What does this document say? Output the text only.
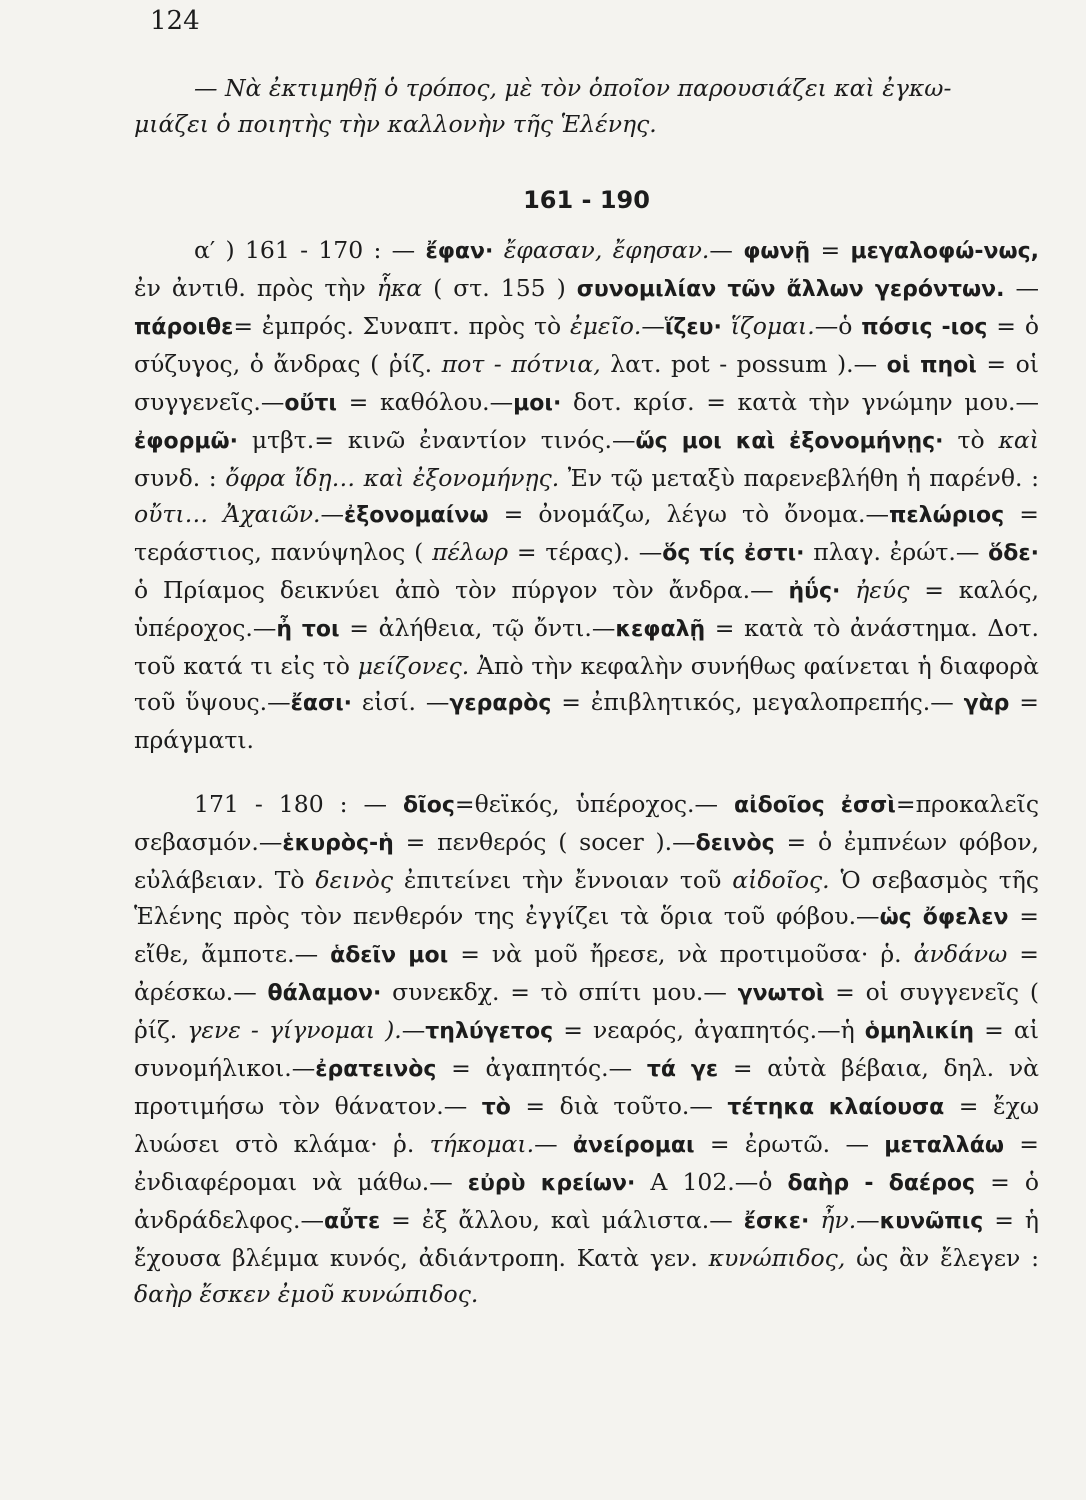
124
— Νὰ ἐκτιμηθῇ ὁ τρόπος, μὲ τὸν ὁποῖον παρουσιάζει καὶ ἐγκω-
μιάζει ὁ ποιητὴς τὴν καλλονὴν τῆς Ἑλένης.
161 - 190

α′ ) 161 - 170 : — ἔφαν· ἔφασαν, ἔφησαν.— φωνῇ = μεγαλοφώ-νως, ἐν ἀντιθ. πρὸς τὴν ἧκα ( στ. 155 ) συνομιλίαν τῶν ἄλλων γερόντων. —πάροιθε= ἐμπρός. Συναπτ. πρὸς τὸ ἐμεῖο.—ἵζευ· ἵζομαι.—ὁ πόσις -ιος = ὁ σύζυγος, ὁ ἄνδρας ( ῥίζ. ποτ - πότνια, λατ. pot - possum ).— οἱ πηοὶ = οἱ συγγενεῖς.—οὔτι = καθόλου.—μοι· δοτ. κρίσ. = κατὰ τὴν γνώμην μου.—ἐφορμῶ· μτβτ.= κινῶ ἐναντίον τινός.—ὥς μοι καὶ ἐξονομήνῃς· τὸ καὶ συνδ. : ὄφρα ἴδῃ… καὶ ἐξονομήνῃς. Ἐν τῷ μεταξὺ παρενεβλήθη ἡ παρένθ. : οὔτι… Ἀχαιῶν.—ἐξονομαίνω = ὀνομάζω, λέγω τὸ ὄνομα.—πελώριος = τεράστιος, πανύψηλος ( πέλωρ = τέρας). —ὅς τίς ἐστι· πλαγ. ἐρώτ.— ὅδε· ὁ Πρίαμος δεικνύει ἀπὸ τὸν πύργον τὸν ἄνδρα.— ἠΰς· ἠεύς = καλός, ὑπέροχος.—ἦ τοι = ἀλήθεια, τῷ ὄντι.—κεφαλῇ = κατὰ τὸ ἀνάστημα. Δοτ. τοῦ κατά τι εἰς τὸ μείζονες. Ἀπὸ τὴν κεφαλὴν συνήθως φαίνεται ἡ διαφορὰ τοῦ ὕψους.—ἔασι· εἰσί. —γεραρὸς = ἐπιβλητικός, μεγαλοπρεπής.— γὰρ = πράγματι.

171 - 180 : — δῖος=θεϊκός, ὑπέροχος.— αἰδοῖος ἐσσὶ=προκαλεῖς σεβασμόν.—ἑκυρὸς-ἡ = πενθερός ( socer ).—δεινὸς = ὁ ἐμπνέων φόβον, εὐλάβειαν. Τὸ δεινὸς ἐπιτείνει τὴν ἔννοιαν τοῦ αἰδοῖος. Ὁ σεβασμὸς τῆς Ἑλένης πρὸς τὸν πενθερόν της ἐγγίζει τὰ ὅρια τοῦ φόβου.—ὡς ὄφελεν = εἴθε, ἄμποτε.— ἁδεῖν μοι = νὰ μοῦ ἤρεσε, νὰ προτιμοῦσα· ῥ. ἀνδάνω = ἀρέσκω.— θάλαμον· συνεκδχ. = τὸ σπίτι μου.— γνωτοὶ = οἱ συγγενεῖς ( ῥίζ. γενε - γίγνομαι ).—τηλύγετος = νεαρός, ἀγαπητός.—ἡ ὁμηλικίη = αἱ συνομήλικοι.—ἐρατεινὸς = ἀγαπητός.— τά γε = αὐτὰ βέβαια, δηλ. νὰ προτιμήσω τὸν θάνατον.— τὸ = διὰ τοῦτο.— τέτηκα κλαίουσα = ἔχω λυώσει στὸ κλάμα· ῥ. τήκομαι.— ἀνείρομαι = ἐρωτῶ. — μεταλλάω = ἐνδιαφέρομαι νὰ μάθω.— εὐρὺ κρείων· Α 102.—ὁ δαὴρ - δαέρος = ὁ ἀνδράδελφος.—αὖτε = ἐξ ἄλλου, καὶ μάλιστα.— ἔσκε· ἦν.—κυνῶπις = ἡ ἔχουσα βλέμμα κυνός, ἀδιάντροπη. Κατὰ γεν. κυνώπιδος, ὡς ἂν ἔλεγεν : δαὴρ ἔσκεν ἐμοῦ κυνώπιδος.
